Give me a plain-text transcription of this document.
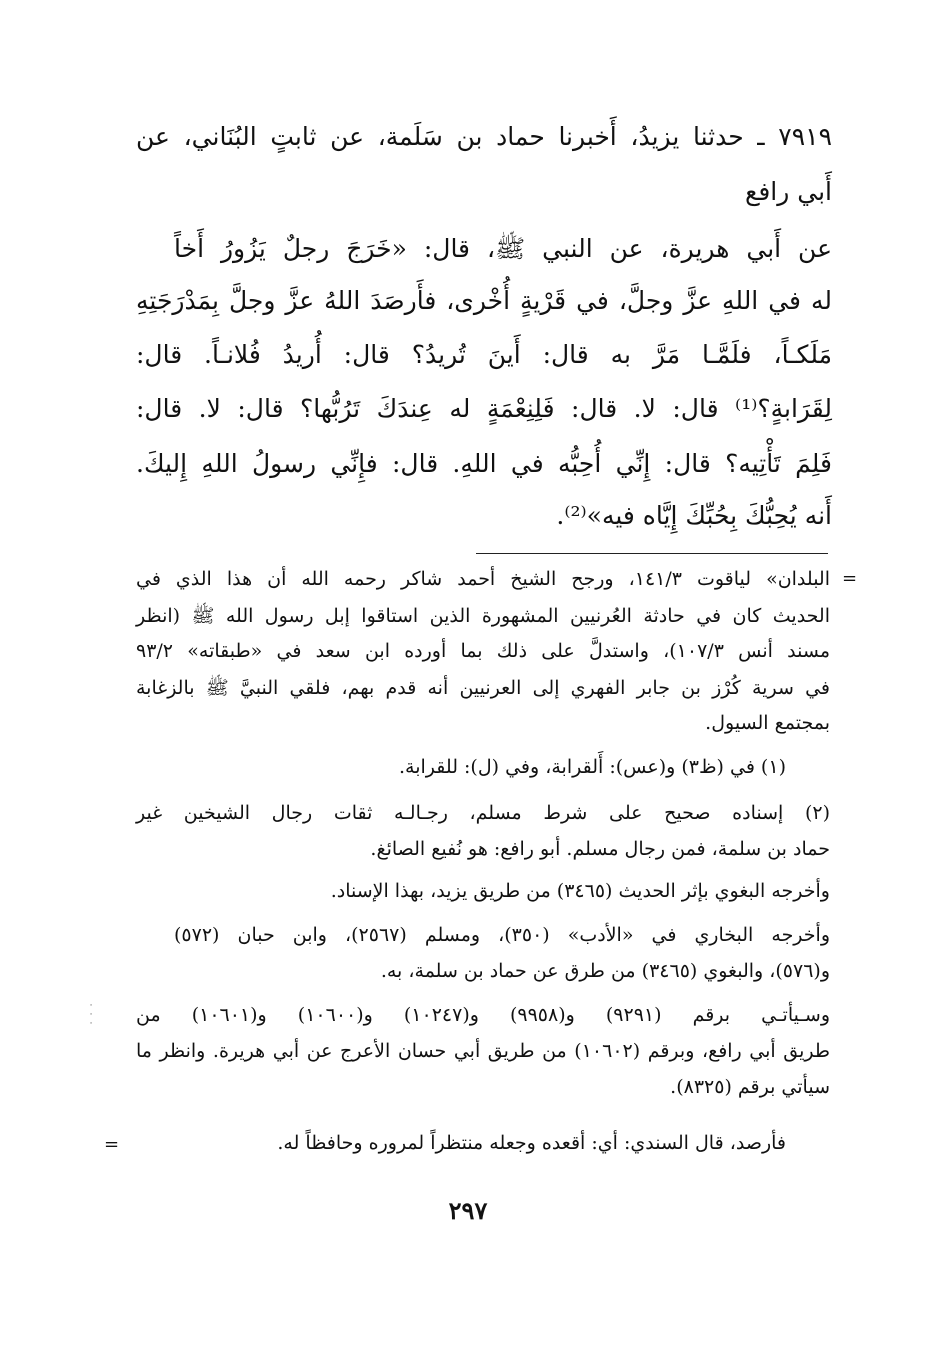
٧٩١٩ ـ حدثنا يزيدُ، أَخبرنا حماد بن سَلَمة، عن ثابتٍ البُنَاني، عن
أَبي رافع
عن أَبي هريرة، عن النبي ﷺ، قال: «خَرَجَ رجلٌ يَزُورُ أَخاً
له في اللهِ عزَّ وجلَّ، في قَرْيةٍ أُخْرى، فأَرصَدَ اللهُ عزَّ وجلَّ بِمَدْرَجَتِهِ
مَلَكـاً، فلَمَّـا مَرَّ به قال: أَينَ تُريدُ؟ قال: أُريدُ فُلانـاً. قال:
لِقَرَابةٍ؟⁽¹⁾ قال: لا. قال: فَلِنِعْمَةٍ له عِندَكَ تَرُبُّها؟ قال: لا. قال:
فَلِمَ تَأْتِيه؟ قال: إِنِّي أُحِبُّه في اللهِ. قال: فإِنِّي رسولُ اللهِ إِليكَ.
أَنه يُحِبُّكَ بِحُبِّكَ إِيَّاه فيه»⁽²⁾.
=
البلدان» لياقوت ١٤١/٣، ورجح الشيخ أحمد شاكر رحمه الله أن هذا الذي في
الحديث كان في حادثة العُرنيين المشهورة الذين استاقوا إبل رسول الله ﷺ (انظر
مسند أنس ١٠٧/٣)، واستدلَّ على ذلك بما أورده ابن سعد في «طبقاته» ٩٣/٢
في سرية كُرْز بن جابر الفهري إلى العرنيين أنه قدم بهم، فلقي النبيَّ ﷺ بالزغابة
بمجتمع السيول.
(١) في (ظ٣) و(عس): أَلقرابة، وفي (ل): للقرابة.
(٢) إسناده صحيح على شرط مسلم، رجـالـه ثقات رجال الشيخين غير
حماد بن سلمة، فمن رجال مسلم. أبو رافع: هو نُفيع الصائغ.
وأخرجه البغوي بإثر الحديث (٣٤٦٥) من طريق يزيد، بهذا الإسناد.
وأخرجه البخاري في «الأدب» (٣٥٠)، ومسلم (٢٥٦٧)، وابن حبان (٥٧٢)
و(٥٧٦)، والبغوي (٣٤٦٥) من طرق عن حماد بن سلمة، به.
وسـيأتـي برقم (٩٢٩١) و(٩٩٥٨) و(١٠٢٤٧) و(١٠٦٠٠) و(١٠٦٠١) من
طريق أبي رافع، وبرقم (١٠٦٠٢) من طريق أبي حسان الأعرج عن أبي هريرة. وانظر ما
سيأتي برقم (٨٣٢٥).
فأرصد، قال السندي: أي: أقعده وجعله منتظراً لمروره وحافظاً له.
=
·
·
·
٢٩٧
